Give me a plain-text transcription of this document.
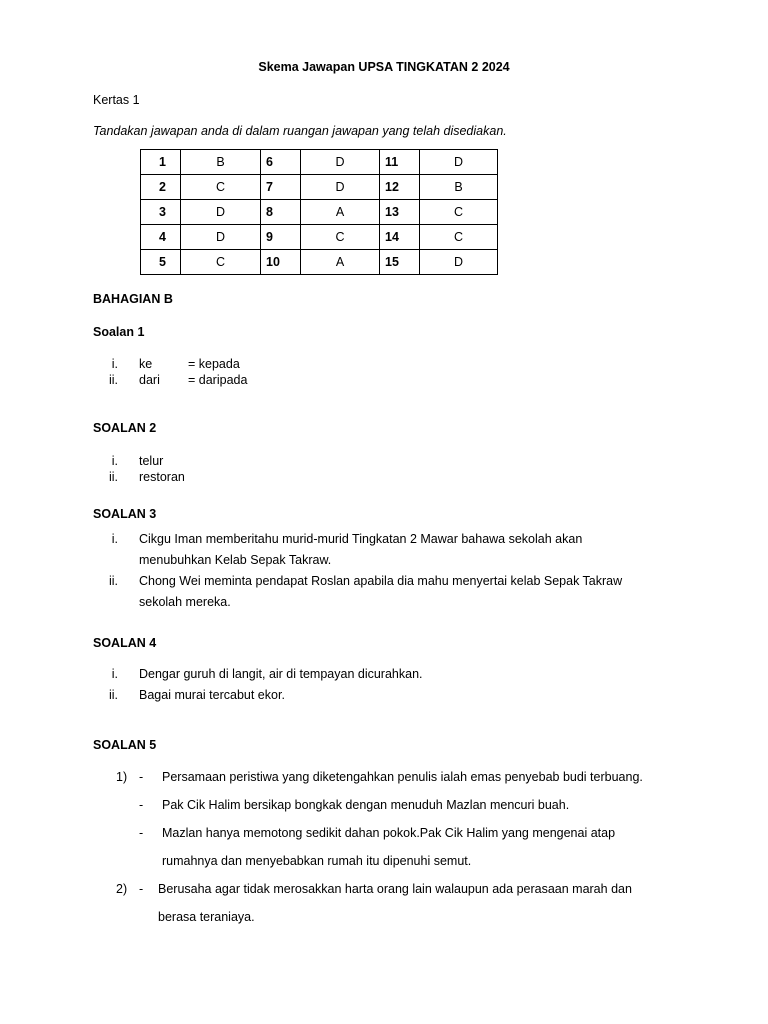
Skema Jawapan UPSA TINGKATAN 2 2024
Kertas 1
Tandakan jawapan anda di dalam ruangan jawapan yang telah disediakan.
1	B	6	D	11	D
2	C	7	D	12	B
3	D	8	A	13	C
4	D	9	C	14	C
5	C	10	A	15	D
BAHAGIAN B
Soalan 1
i. ke	= kepada
ii. dari = daripada
SOALAN 2
i. telur
ii. restoran
SOALAN 3
i. Cikgu Iman memberitahu murid-murid Tingkatan 2 Mawar bahawa sekolah akan
menubuhkan Kelab Sepak Takraw.
ii. Chong Wei meminta pendapat Roslan apabila dia mahu menyertai kelab Sepak Takraw
sekolah mereka.
SOALAN 4
i. Dengar guruh di langit, air di tempayan dicurahkan.
ii. Bagai murai tercabut ekor.
SOALAN 5
1) - Persamaan peristiwa yang diketengahkan penulis ialah emas penyebab budi terbuang.
- Pak Cik Halim bersikap bongkak dengan menuduh Mazlan mencuri buah.
- Mazlan hanya memotong sedikit dahan pokok.Pak Cik Halim yang mengenai atap
rumahnya dan menyebabkan rumah itu dipenuhi semut.
2) - Berusaha agar tidak merosakkan harta orang lain walaupun ada perasaan marah dan
berasa teraniaya.
